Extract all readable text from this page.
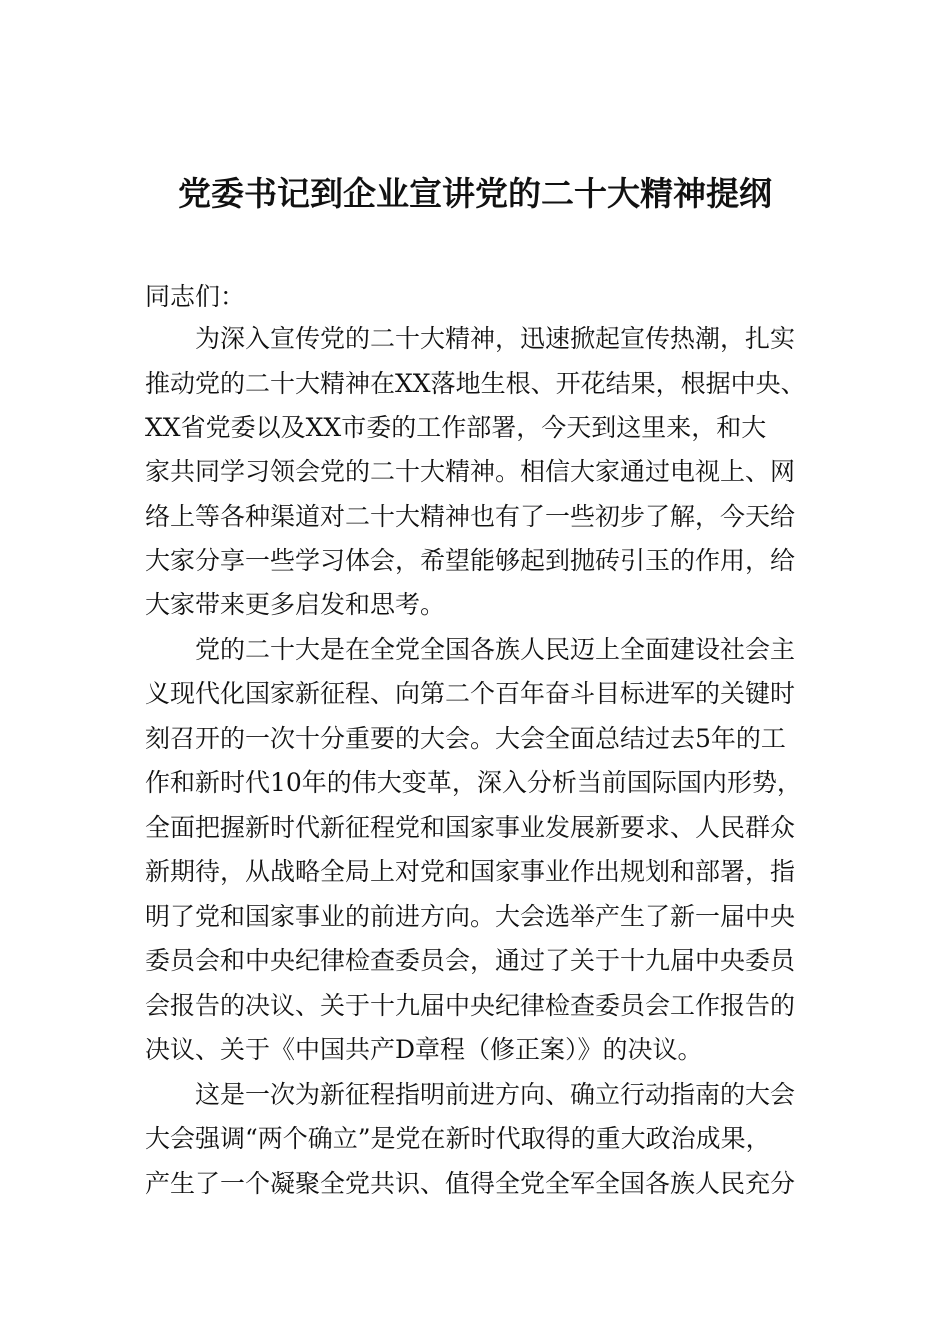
党委书记到企业宣讲党的二十大精神提纲

同志们：

为深入宣传党的二十大精神，迅速掀起宣传热潮，扎实

推动党的二十大精神在XX落地生根、开花结果，根据中央、

XX省党委以及XX市委的工作部署，今天到这里来，和大

家共同学习领会党的二十大精神。相信大家通过电视上、网

络上等各种渠道对二十大精神也有了一些初步了解，今天给

大家分享一些学习体会，希望能够起到抛砖引玉的作用，给

大家带来更多启发和思考。

党的二十大是在全党全国各族人民迈上全面建设社会主

义现代化国家新征程、向第二个百年奋斗目标进军的关键时

刻召开的一次十分重要的大会。大会全面总结过去5年的工

作和新时代10年的伟大变革，深入分析当前国际国内形势，

全面把握新时代新征程党和国家事业发展新要求、人民群众

新期待，从战略全局上对党和国家事业作出规划和部署，指

明了党和国家事业的前进方向。大会选举产生了新一届中央

委员会和中央纪律检查委员会，通过了关于十九届中央委员

会报告的决议、关于十九届中央纪律检查委员会工作报告的

决议、关于《中国共产D章程（修正案）》的决议。

这是一次为新征程指明前进方向、确立行动指南的大会

大会强调“两个确立”是党在新时代取得的重大政治成果，

产生了一个凝聚全党共识、值得全党全军全国各族人民充分
